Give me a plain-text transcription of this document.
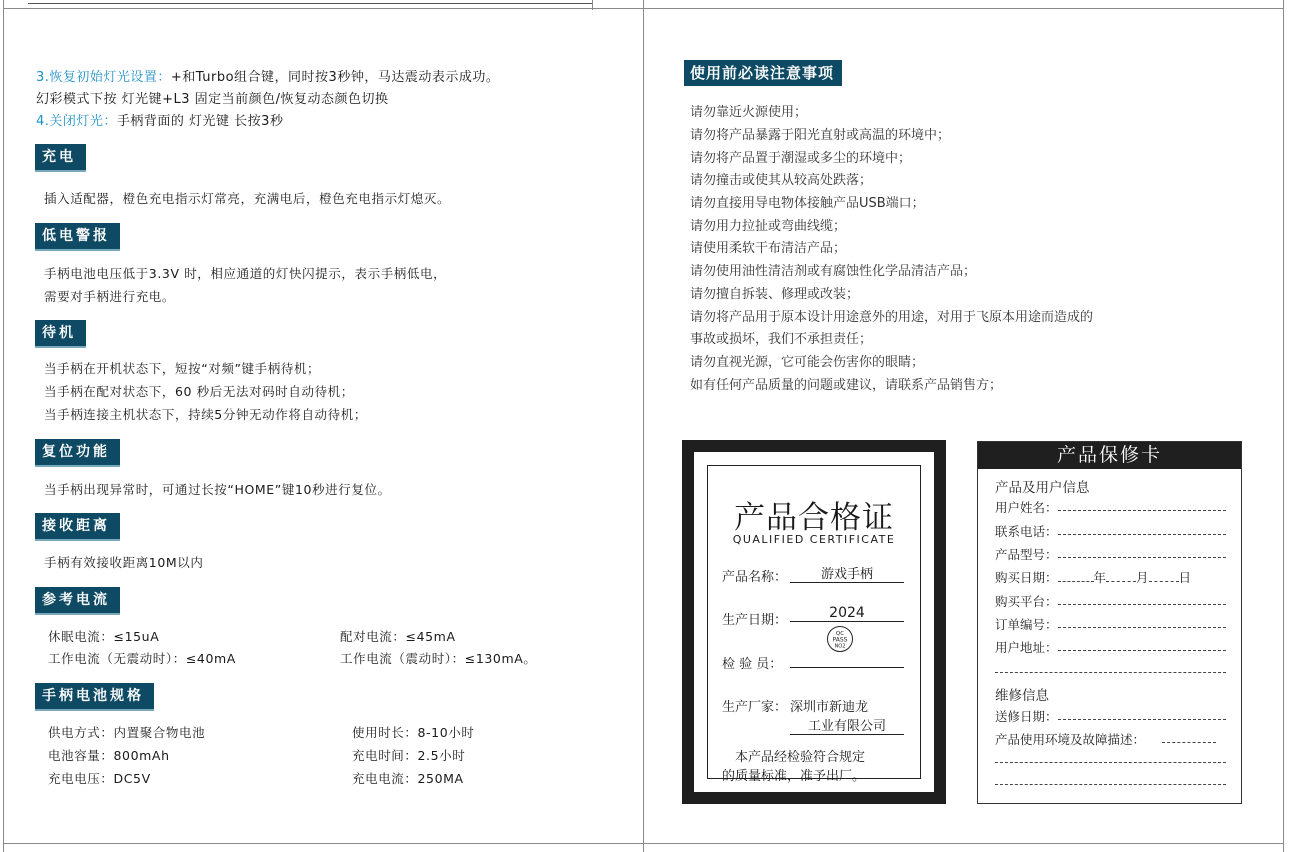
3.恢复初始灯光设置：+和Turbo组合键，同时按3秒钟，马达震动表示成功。
幻彩模式下按 灯光键+L3 固定当前颜色/恢复动态颜色切换
4.关闭灯光：手柄背面的 灯光键 长按3秒
充电
插入适配器，橙色充电指示灯常亮，充满电后，橙色充电指示灯熄灭。
低电警报
手柄电池电压低于3.3V 时，相应通道的灯快闪提示，表示手柄低电，
需要对手柄进行充电。
待机
当手柄在开机状态下，短按“对频”键手柄待机；
当手柄在配对状态下，60 秒后无法对码时自动待机；
当手柄连接主机状态下，持续5分钟无动作将自动待机；
复位功能
当手柄出现异常时，可通过长按“HOME”键10秒进行复位。
接收距离
手柄有效接收距离10M以内
参考电流
休眠电流：≤15uA	配对电流：≤45mA
工作电流（无震动时）：≤40mA	工作电流（震动时）：≤130mA。
手柄电池规格
供电方式：内置聚合物电池	使用时长：8-10小时
电池容量：800mAh	充电时间：2.5小时
充电电压：DC5V	充电电流：250MA
使用前必读注意事项
请勿靠近火源使用；
请勿将产品暴露于阳光直射或高温的环境中；
请勿将产品置于潮湿或多尘的环境中；
请勿撞击或使其从较高处跌落；
请勿直接用导电物体接触产品USB端口；
请勿用力拉扯或弯曲线缆；
请使用柔软干布清洁产品；
请勿使用油性清洁剂或有腐蚀性化学品清洁产品；
请勿擅自拆装、修理或改装；
请勿将产品用于原本设计用途意外的用途，对用于飞原本用途而造成的
事故或损坏，我们不承担责任；
请勿直视光源，它可能会伤害你的眼睛；
如有任何产品质量的问题或建议，请联系产品销售方；
产品合格证
QUALIFIED CERTIFICATE
产品名称：	游戏手柄
生产日期：	2024
检 验 员：
QC
PASS
NO2
生产厂家： 深圳市新迪龙
工业有限公司
本产品经检验符合规定
的质量标准，准予出厂。
产品保修卡
产品及用户信息
用户姓名：
联系电话：
产品型号：
购买日期：	年 月 日
购买平台：
订单编号：
用户地址：
维修信息
送修日期：
产品使用环境及故障描述：
